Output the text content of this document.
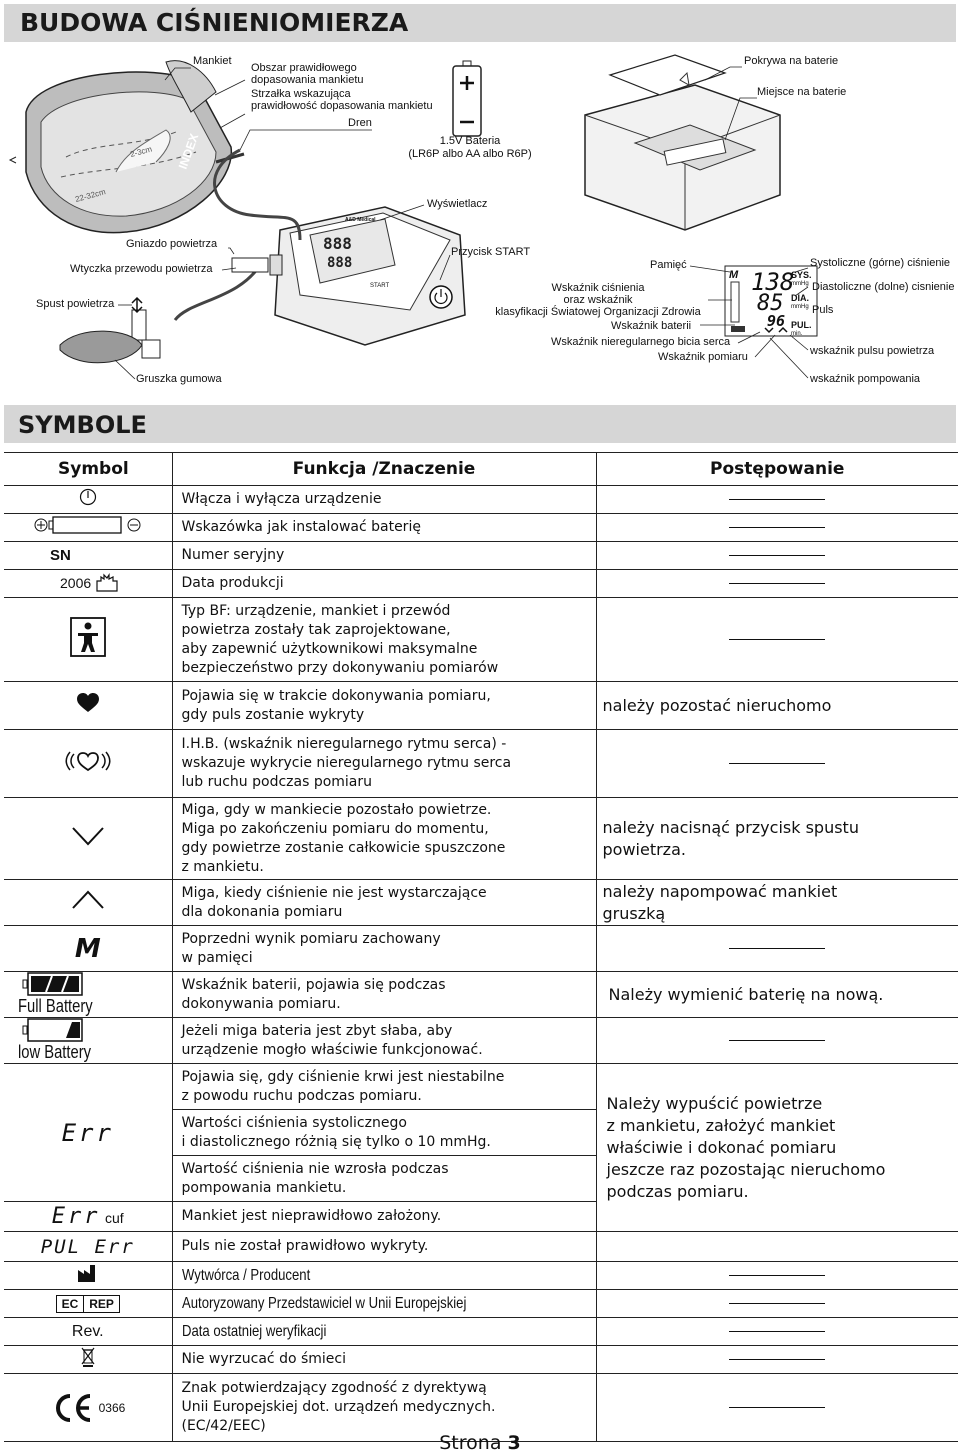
BUDOWA CIŚNIENIOMIERZA
22-32cm
2-3cm INDEX
Mankiet
Obszar prawidłowego
dopasowania mankietu
Strzałka wskazująca
prawidłowość dopasowania mankietu
Dren
1.5V Bateria
(LR6P albo AA albo R6P)
Pokrywa na baterie
Miejsce na baterie
888
888
A&D Medical
START
Wyświetlacz
Gniazdo powietrza
Wtyczka przewodu powietrza
Spust powietrza
Gruszka gumowa
Przycisk START
M 138
85
96
SYS.
mmHg
DIA.
mmHg
PUL.
min.
Pamięć
Wskaźnik ciśnienia
oraz wskaźnik
klasyfikacji Światowej Organizacji Zdrowia
Wskaźnik baterii
Wskaźnik nieregularnego bicia serca
Wskaźnik pomiaru
Systoliczne (górne) ciśnienie
Diastoliczne (dolne) cisnienie
Puls
wskaźnik pulsu powietrza
wskaźnik pompowania
SYMBOLE
Symbol	Funkcja /Znaczenie	Postępowanie
	Włącza i wyłącza urządzenie	

	Wskazówka jak instalować baterię	

SN	Numer seryjny	

2006	Data produkcji	

	Typ BF: urządzenie, mankiet i przewód
powietrza zostały tak zaprojektowane,
aby zapewnić użytkownikowi maksymalne
bezpieczeństwo przy dokonywaniu pomiarów	

	Pojawia się w trakcie dokonywania pomiaru,
gdy puls zostanie wykryty	należy pozostać nieruchomo
	I.H.B. (wskaźnik nieregularnego rytmu serca) -
wskazuje wykrycie nieregularnego rytmu serca
lub ruchu podczas pomiaru	

	Miga, gdy w mankiecie pozostało powietrze.
Miga po zakończeniu pomiaru do momentu,
gdy powietrze zostanie całkowicie spuszczone
z mankietu.	należy nacisnąć przycisk spustu
powietrza.
	Miga, kiedy ciśnienie nie jest wystarczające
dla dokonania pomiaru	należy napompować mankiet
gruszką
M	Poprzedni wynik pomiaru zachowany
w pamięci	

Full Battery	Wskaźnik baterii, pojawia się podczas
dokonywania pomiaru.	Należy wymienić baterię na nową.
low Battery	Jeżeli miga bateria jest zbyt słaba, aby
urządzenie mogło właściwie funkcjonować.	

Err	Pojawia się, gdy ciśnienie krwi jest niestabilne
z powodu ruchu podczas pomiaru.	Należy wypuścić powietrze
z mankietu, założyć mankiet
właściwie i dokonać pomiaru
jeszcze raz pozostając nieruchomo
podczas pomiaru.
	Wartości ciśnienia systolicznego
i diastolicznego różnią się tylko o 10 mmHg.	
	Wartość ciśnienia nie wzrosła podczas
pompowania mankietu.	
Err cuf	Mankiet jest nieprawidłowo założony.	
PUL Err	Puls nie został prawidłowo wykryty.	
	Wytwórca / Producent	

EC REP	Autoryzowany Przedstawiciel w Unii Europejskiej	

Rev.	Data ostatniej weryfikacji	

	Nie wyrzucać do śmieci	

0366	Znak potwierdzający zgodność z dyrektywą
Unii Europejskiej dot. urządzeń medycznych.
(EC/42/EEC)	
Strona 3
